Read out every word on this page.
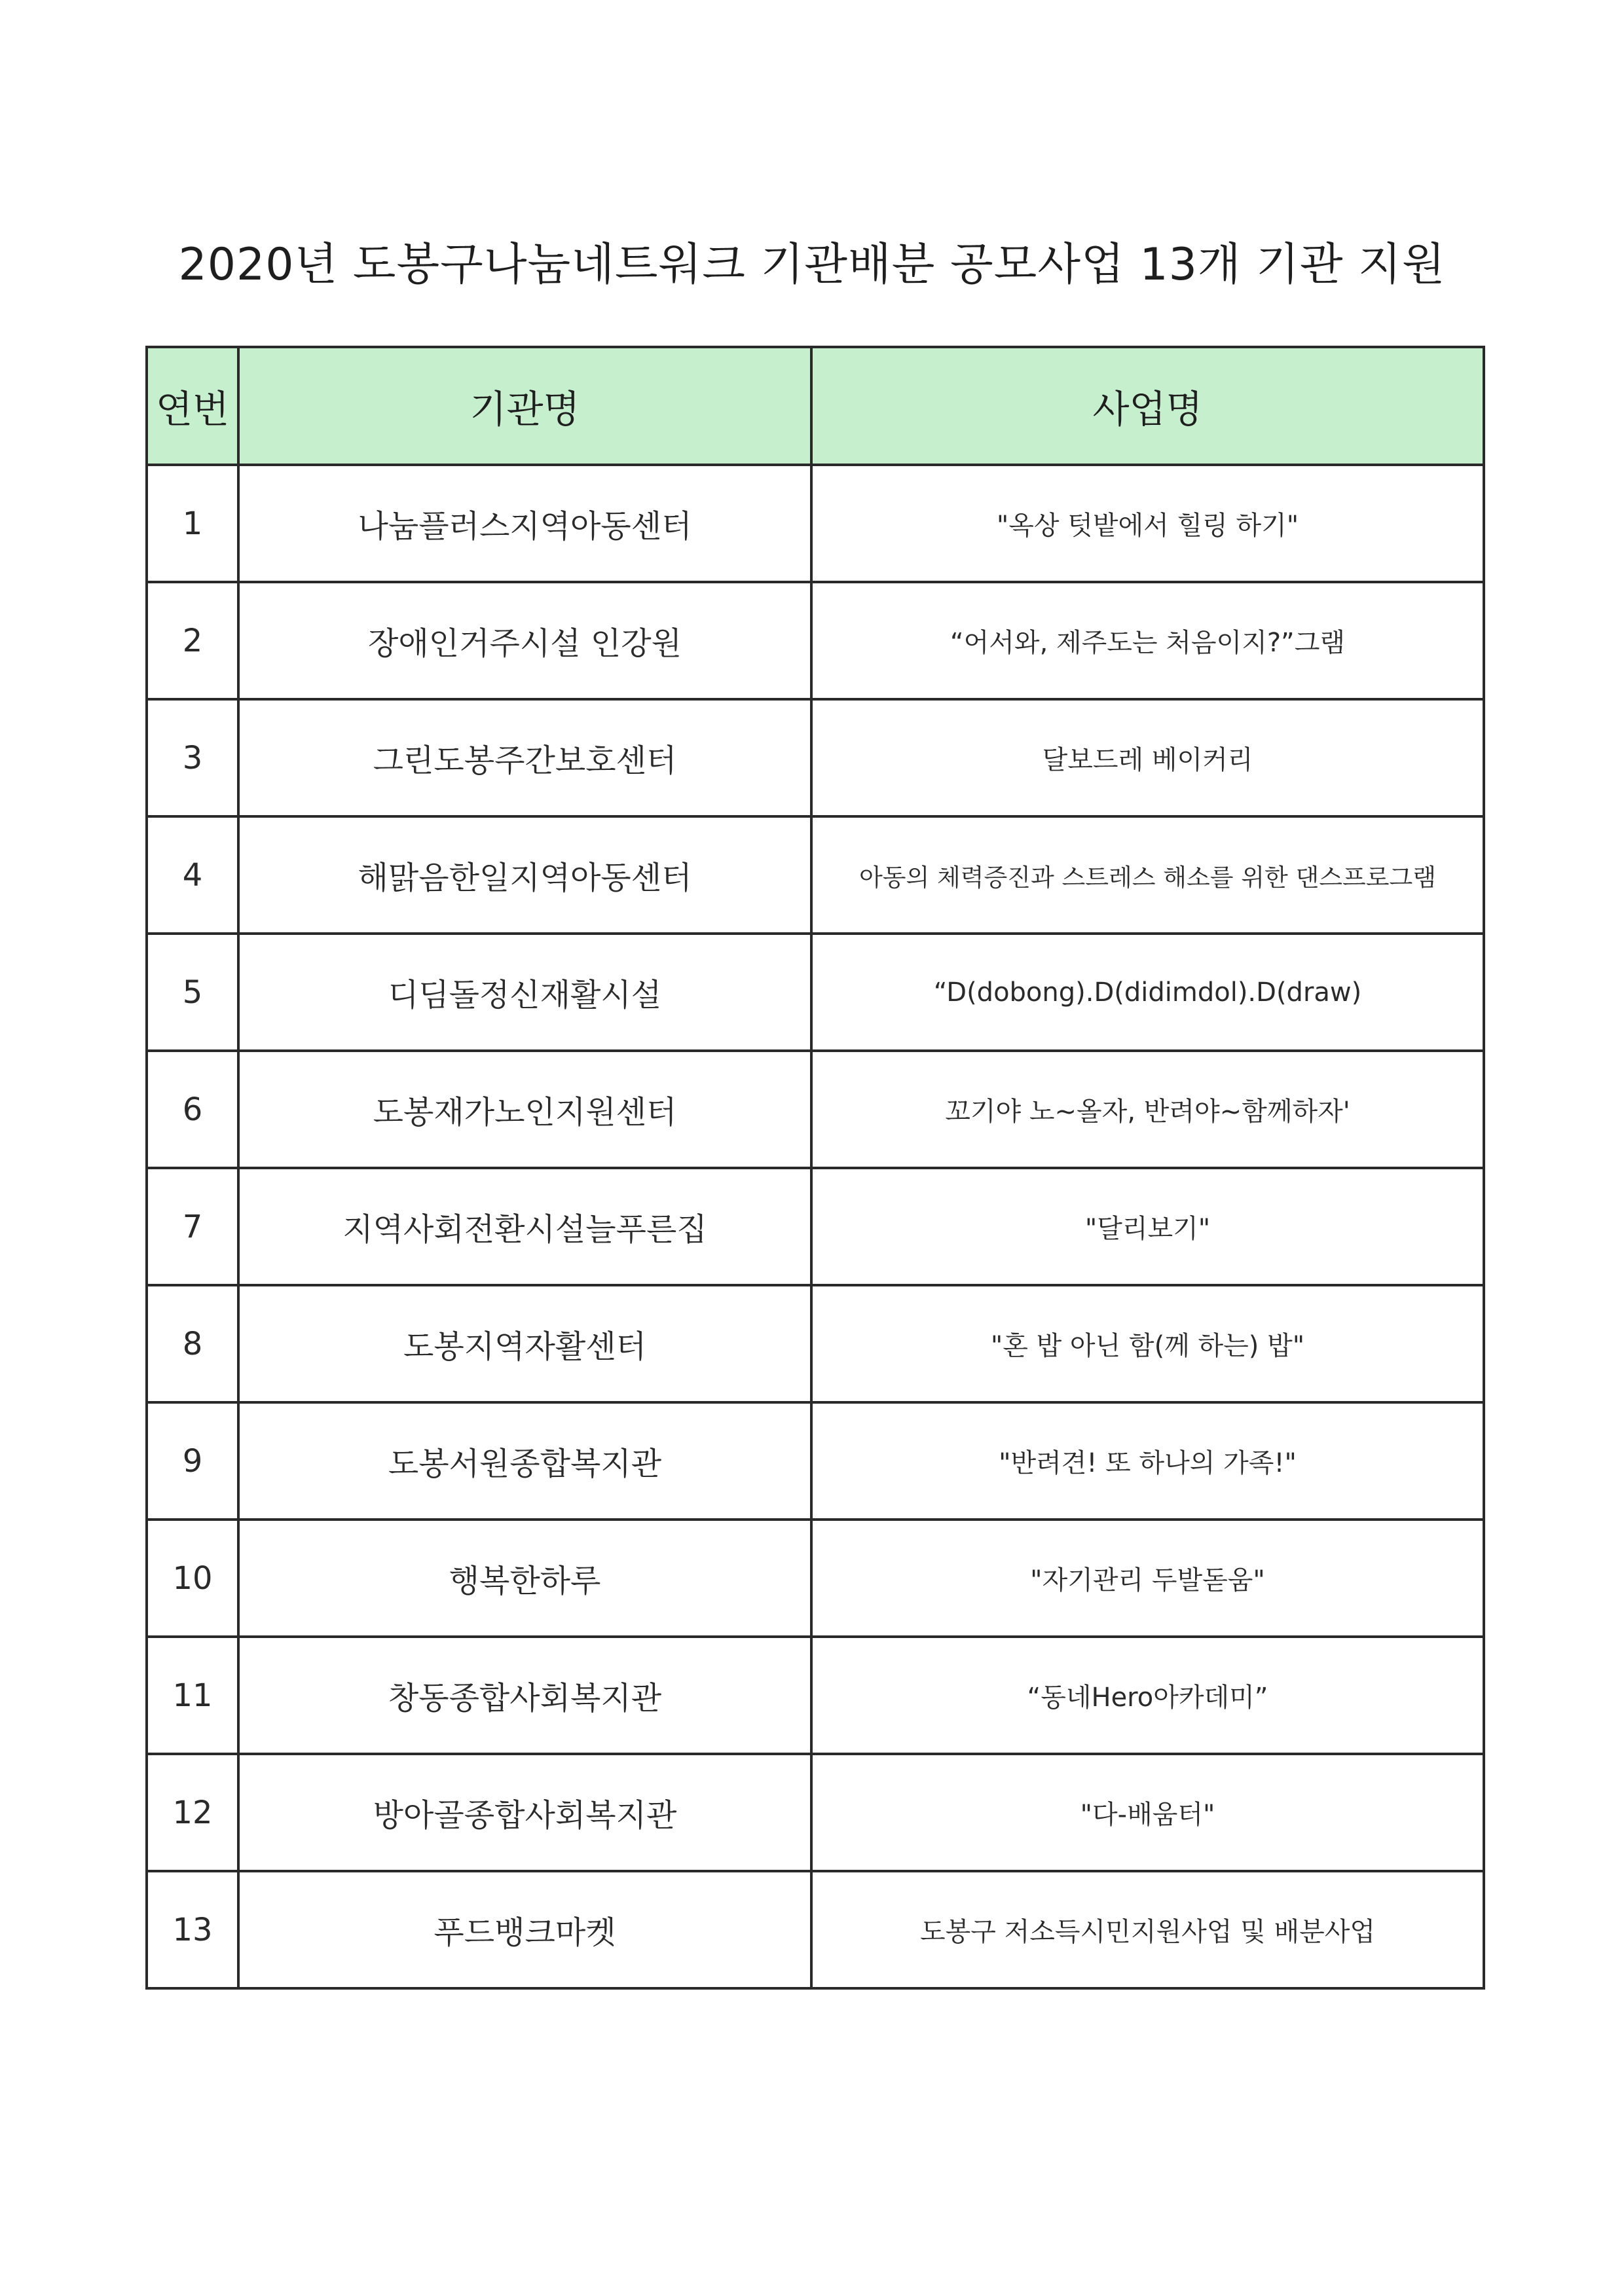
2020년 도봉구나눔네트워크 기관배분 공모사업 13개 기관 지원
연번	기관명	사업명
1	나눔플러스지역아동센터	"옥상 텃밭에서 힐링 하기"
2	장애인거주시설 인강원	“어서와, 제주도는 처음이지?”그램
3	그린도봉주간보호센터	달보드레 베이커리
4	해맑음한일지역아동센터	아동의 체력증진과 스트레스 해소를 위한 댄스프로그램
5	디딤돌정신재활시설	“D(dobong).D(didimdol).D(draw)
6	도봉재가노인지원센터	꼬기야 노~올자, 반려야~함께하자'
7	지역사회전환시설늘푸른집	"달리보기"
8	도봉지역자활센터	"혼 밥 아닌 함(께 하는) 밥"
9	도봉서원종합복지관	"반려견! 또 하나의 가족!"
10	행복한하루	"자기관리 두발돋움"
11	창동종합사회복지관	“동네Hero아카데미”
12	방아골종합사회복지관	"다-배움터"
13	푸드뱅크마켓	도봉구 저소득시민지원사업 및 배분사업
